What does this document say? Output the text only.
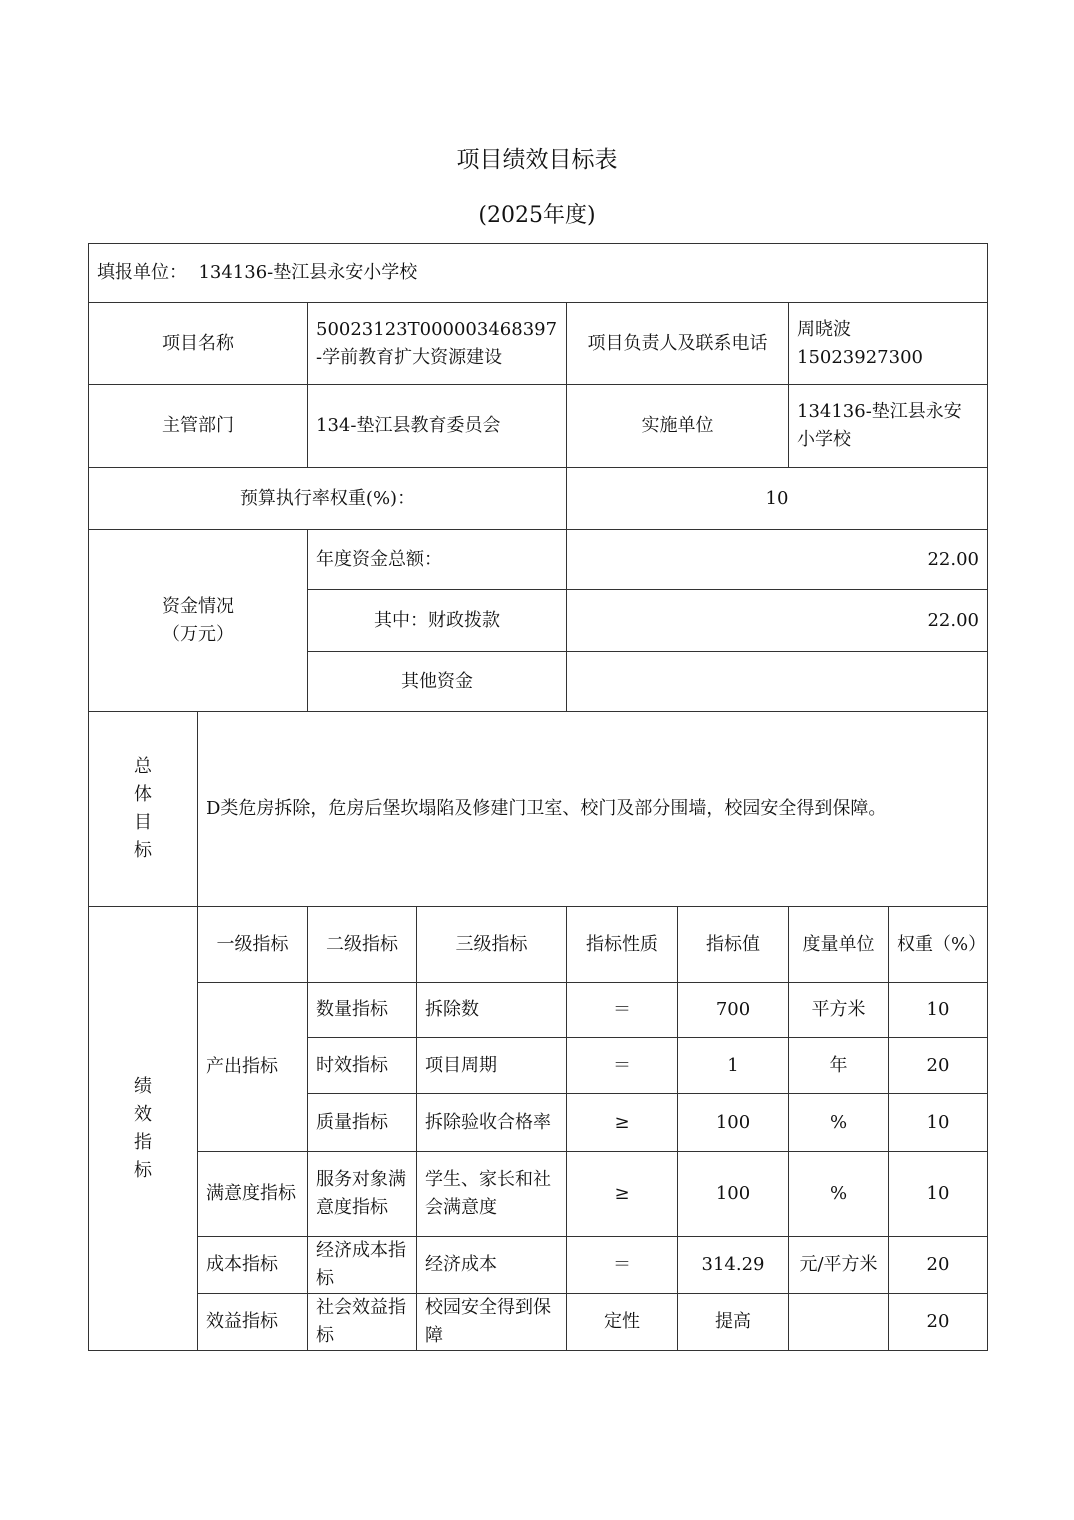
项目绩效目标表
(2025年度)
填报单位： 134136-垫江县永安小学校							
项目名称		50023123T000003468397-学前教育扩大资源建设		项目负责人及联系电话		周晓波 15023927300	
主管部门		134-垫江县教育委员会		实施单位		134136-垫江县永安小学校	
预算执行率权重(%)：				10			

资金情况
（万元）		年度资金总额：		22.00			
		其中：财政拨款		22.00			
		其他资金					

总
体
目
标	D类危房拆除，危房后堡坎塌陷及修建门卫室、校门及部分围墙，校园安全得到保障。						

绩
效
指
标	一级指标	二级指标	三级指标	指标性质	指标值	度量单位	权重（%）
	产出指标	数量指标	拆除数	＝	700	平方米	10
		时效指标	项目周期	＝	1	年	20
		质量指标	拆除验收合格率	≥	100	%	10
	满意度指标	服务对象满意度指标	学生、家长和社会满意度	≥	100	%	10
	成本指标	经济成本指标	经济成本	＝	314.29	元/平方米	20
	效益指标	社会效益指标	校园安全得到保障	定性	提高		20
